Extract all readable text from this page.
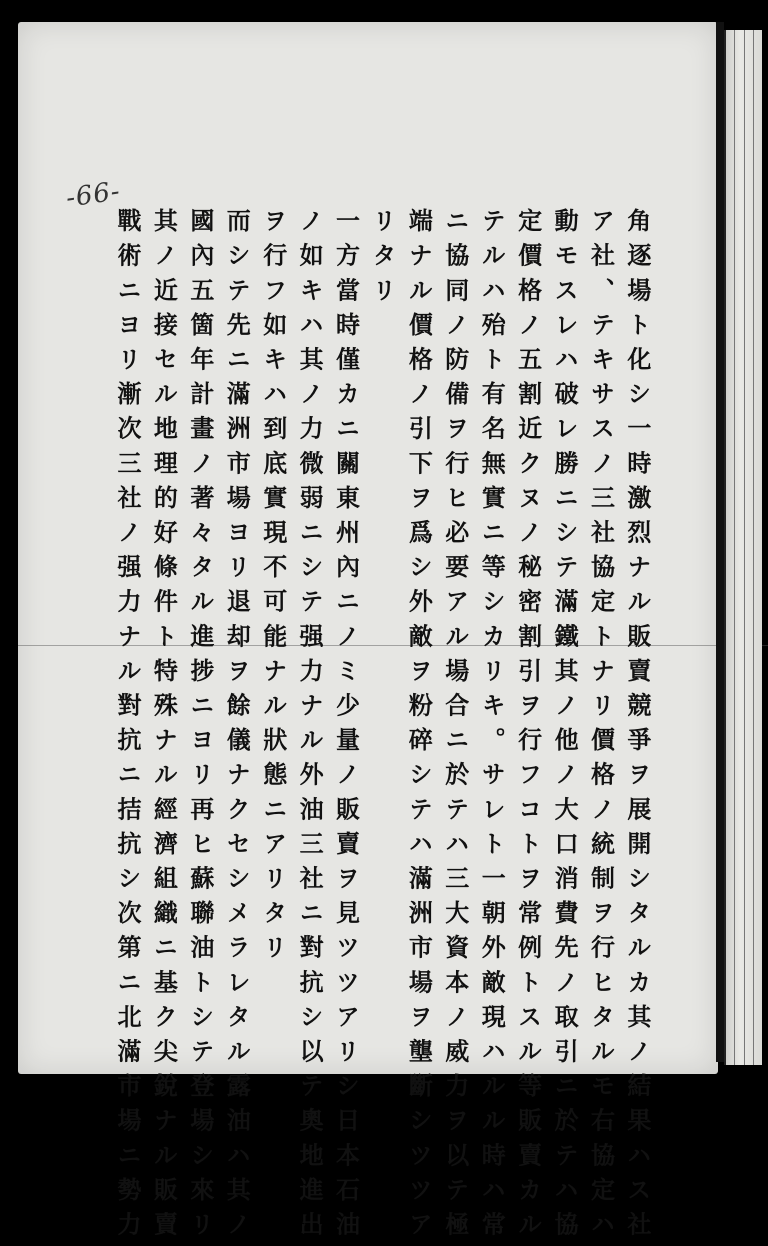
-66-
角逐場ト化シ一時激烈ナル販賣競爭ヲ展開シタルカ其ノ結果ハス社
ア社、テキサスノ三社協定トナリ價格ノ統制ヲ行ヒタルモ右協定ハ
動モスレハ破レ勝ニシテ滿鐵其ノ他ノ大口消費先ノ取引ニ於テハ協
定價格ノ五割近クヌノ秘密割引ヲ行フコトヲ常例トスル等販賣カル
テルハ殆ト有名無實ニ等シカリキ。サレト一朝外敵現ハルル時ハ常
ニ協同ノ防備ヲ行ヒ必要アル場合ニ於テハ三大資本ノ威力ヲ以テ極
端ナル價格ノ引下ヲ爲シ外敵ヲ粉碎シテハ滿洲市場ヲ壟斷シツツア
リタリ
一方當時僅カニ關東州內ニノミ少量ノ販賣ヲ見ツツアリシ日本石油
ノ如キハ其ノ力微弱ニシテ强力ナル外油三社ニ對抗シ以テ奧地進出
ヲ行フ如キハ到底實現不可能ナル狀態ニアリタリ
而シテ先ニ滿洲市場ヨリ退却ヲ餘儀ナクセシメラレタル露油ハ其ノ
國內五箇年計畫ノ著々タル進捗ニヨリ再ヒ蘇聯油トシテ登場シ來リ
其ノ近接セル地理的好條件ト特殊ナル經濟組織ニ基ク尖銳ナル販賣
戰術ニヨリ漸次三社ノ强力ナル對抗ニ拮抗シ次第ニ北滿市場ニ勢力
